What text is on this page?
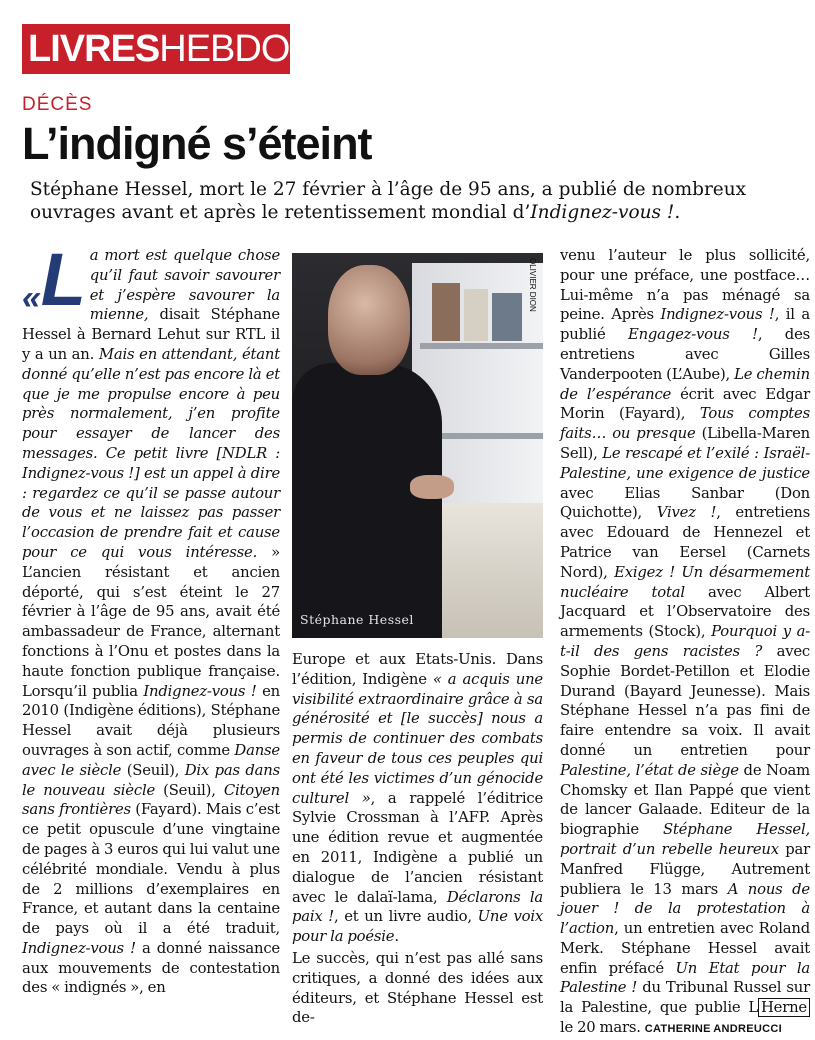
LIVRES HEBDO
DÉCÈS
L’indigné s’éteint
Stéphane Hessel, mort le 27 février à l’âge de 95 ans, a publié de nombreux ouvrages avant et après le retentissement mondial d’Indignez-vous !.

«L a mort est quelque chose qu’il faut savoir savourer et j’espère savourer la mienne, disait Stéphane Hessel à Bernard Lehut sur RTL il y a un an. Mais en attendant, étant donné qu’elle n’est pas encore là et que je me propulse encore à peu près normalement, j’en profite pour essayer de lancer des messages. Ce petit livre [NDLR : Indignez-vous !] est un appel à dire : regardez ce qu’il se passe autour de vous et ne laissez pas passer l’occasion de prendre fait et cause pour ce qui vous intéresse. » L’ancien résistant et ancien déporté, qui s’est éteint le 27 février à l’âge de 95 ans, avait été ambassadeur de France, alternant fonctions à l’Onu et postes dans la haute fonction publique française. Lorsqu’il publia Indignez-vous ! en 2010 (Indigène éditions), Stéphane Hessel avait déjà plusieurs ouvrages à son actif, comme Danse avec le siècle (Seuil), Dix pas dans le nouveau siècle (Seuil), Citoyen sans frontières (Fayard). Mais c’est ce petit opuscule d’une vingtaine de pages à 3 euros qui lui valut une célébrité mondiale. Vendu à plus de 2 millions d’exemplaires en France, et autant dans la centaine de pays où il a été traduit, Indignez-vous ! a donné naissance aux mouvements de contestation des « indignés », en

Stéphane Hessel
OLIVIER DION

Europe et aux Etats-Unis. Dans l’édition, Indigène « a acquis une visibilité extraordinaire grâce à sa générosité et [le succès] nous a permis de continuer des combats en faveur de tous ces peuples qui ont été les victimes d’un génocide culturel », a rappelé l’éditrice Sylvie Crossman à l’AFP. Après une édition revue et augmentée en 2011, Indigène a publié un dialogue de l’ancien résistant avec le dalaï-lama, Déclarons la paix !, et un livre audio, Une voix pour la poésie.

Le succès, qui n’est pas allé sans critiques, a donné des idées aux éditeurs, et Stéphane Hessel est de-

venu l’auteur le plus sollicité, pour une préface, une postface… Lui-même n’a pas ménagé sa peine. Après Indignez-vous !, il a publié Engagez-vous !, des entretiens avec Gilles Vanderpooten (L’Aube), Le chemin de l’espérance écrit avec Edgar Morin (Fayard), Tous comptes faits… ou presque (Libella-Maren Sell), Le rescapé et l’exilé : Israël-Palestine, une exigence de justice avec Elias Sanbar (Don Quichotte), Vivez !, entretiens avec Edouard de Hennezel et Patrice van Eersel (Carnets Nord), Exigez ! Un désarmement nucléaire total avec Albert Jacquard et l’Observatoire des armements (Stock), Pourquoi y a-t-il des gens racistes ? avec Sophie Bordet-Petillon et Elodie Durand (Bayard Jeunesse). Mais Stéphane Hessel n’a pas fini de faire entendre sa voix. Il avait donné un entretien pour Palestine, l’état de siège de Noam Chomsky et Ilan Pappé que vient de lancer Galaade. Editeur de la biographie Stéphane Hessel, portrait d’un rebelle heureux par Manfred Flügge, Autrement publiera le 13 mars A nous de jouer ! de la protestation à l’action, un entretien avec Roland Merk. Stéphane Hessel avait enfin préfacé Un Etat pour la Palestine ! du Tribunal Russel sur la Palestine, que publie L Herne le 20 mars. CATHERINE ANDREUCCI
